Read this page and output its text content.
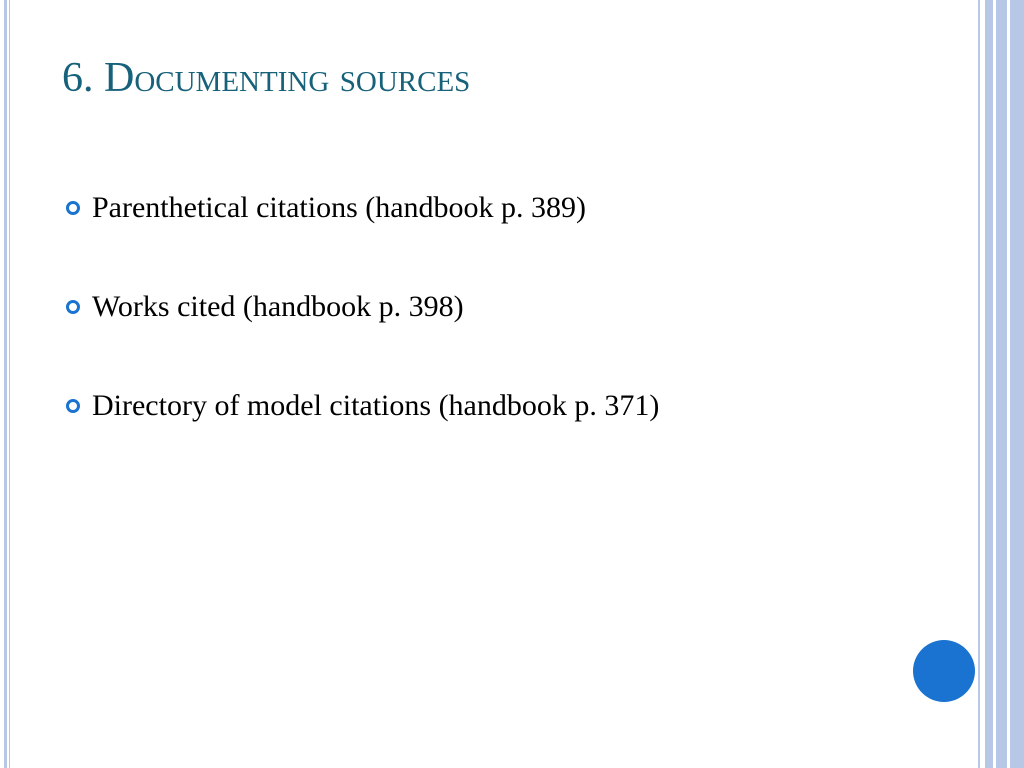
6. Documenting sources
Parenthetical citations (handbook p. 389)
Works cited (handbook p. 398)
Directory of model citations (handbook p. 371)
